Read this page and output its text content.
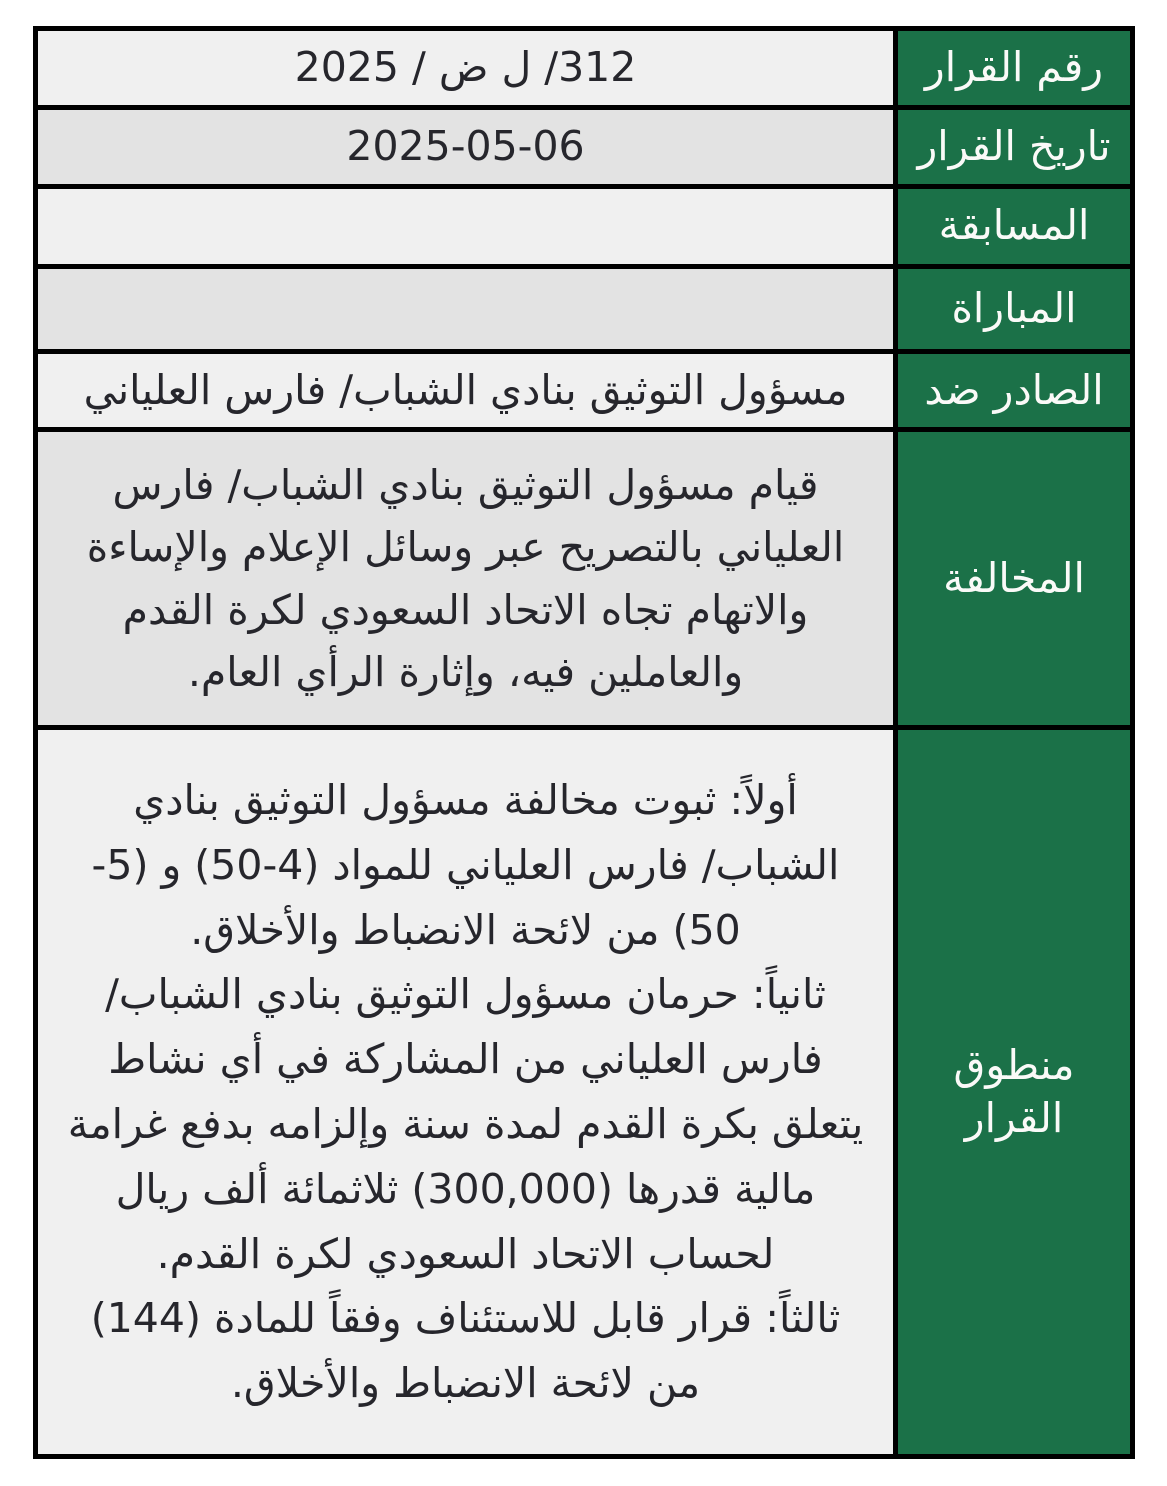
رقم القرار	312/ ل ض / 2025
تاريخ القرار	2025-05-06
المسابقة	
المباراة	
الصادر ضد	مسؤول التوثيق بنادي الشباب/ فارس العلياني
المخالفة	قيام مسؤول التوثيق بنادي الشباب/ فارس العلياني بالتصريح عبر وسائل الإعلام والإساءة والاتهام تجاه الاتحاد السعودي لكرة القدم والعاملين فيه، وإثارة الرأي العام.
منطوق القرار	أولاً: ثبوت مخالفة مسؤول التوثيق بنادي الشباب/ فارس العلياني للمواد (4-50) و (5-50) من لائحة الانضباط والأخلاق.
ثانياً: حرمان مسؤول التوثيق بنادي الشباب/ فارس العلياني من المشاركة في أي نشاط يتعلق بكرة القدم لمدة سنة وإلزامه بدفع غرامة مالية قدرها (300,000) ثلاثمائة ألف ريال لحساب الاتحاد السعودي لكرة القدم.
ثالثاً: قرار قابل للاستئناف وفقاً للمادة (144) من لائحة الانضباط والأخلاق.
